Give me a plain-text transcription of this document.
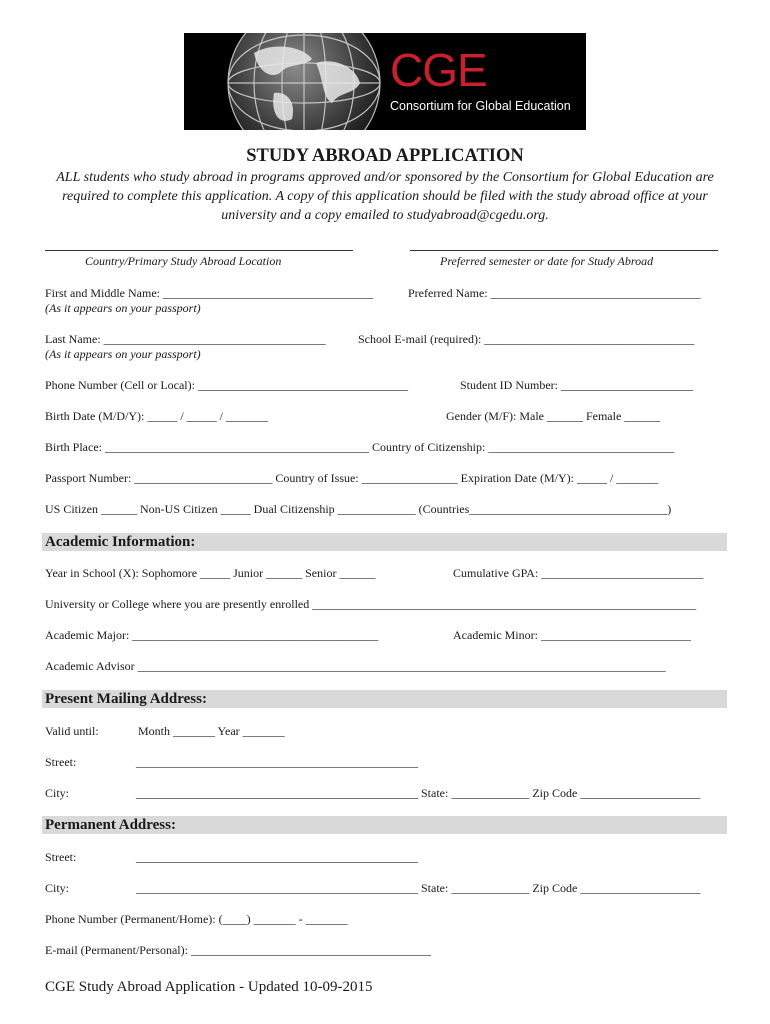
CGE
Consortium for Global Education
STUDY ABROAD APPLICATION
ALL students who study abroad in programs approved and/or sponsored by the Consortium for Global Education are required to complete this application. A copy of this application should be filed with the study abroad office at your university and a copy emailed to studyabroad@cgedu.org.
Country/Primary Study Abroad Location	Preferred semester or date for Study Abroad
First and Middle Name: ___________________________________
(As it appears on your passport)
Preferred Name: ___________________________________
Last Name: _____________________________________
(As it appears on your passport)
School E-mail (required): ___________________________________
Phone Number (Cell or Local): ___________________________________	Student ID Number: ______________________
Birth Date (M/D/Y): _____ / _____ / _______	Gender (M/F): Male ______ Female ______
Birth Place: ____________________________________________ Country of Citizenship: _______________________________
Passport Number: _______________________ Country of Issue: ________________ Expiration Date (M/Y): _____ / _______
US Citizen ______ Non-US Citizen _____ Dual Citizenship _____________ (Countries_________________________________)
Academic Information:
Year in School (X): Sophomore _____ Junior ______ Senior ______	Cumulative GPA: ___________________________
University or College where you are presently enrolled ________________________________________________________________
Academic Major: _________________________________________	Academic Minor: _________________________
Academic Advisor ________________________________________________________________________________________
Present Mailing Address:
Valid until:	Month _______ Year _______
Street:	_______________________________________________
City:	_______________________________________________ State: _____________ Zip Code ____________________
Permanent Address:
Street:	_______________________________________________
City:	_______________________________________________ State: _____________ Zip Code ____________________
Phone Number (Permanent/Home): (____) _______ - _______
E-mail (Permanent/Personal): ________________________________________
CGE Study Abroad Application - Updated 10-09-2015
